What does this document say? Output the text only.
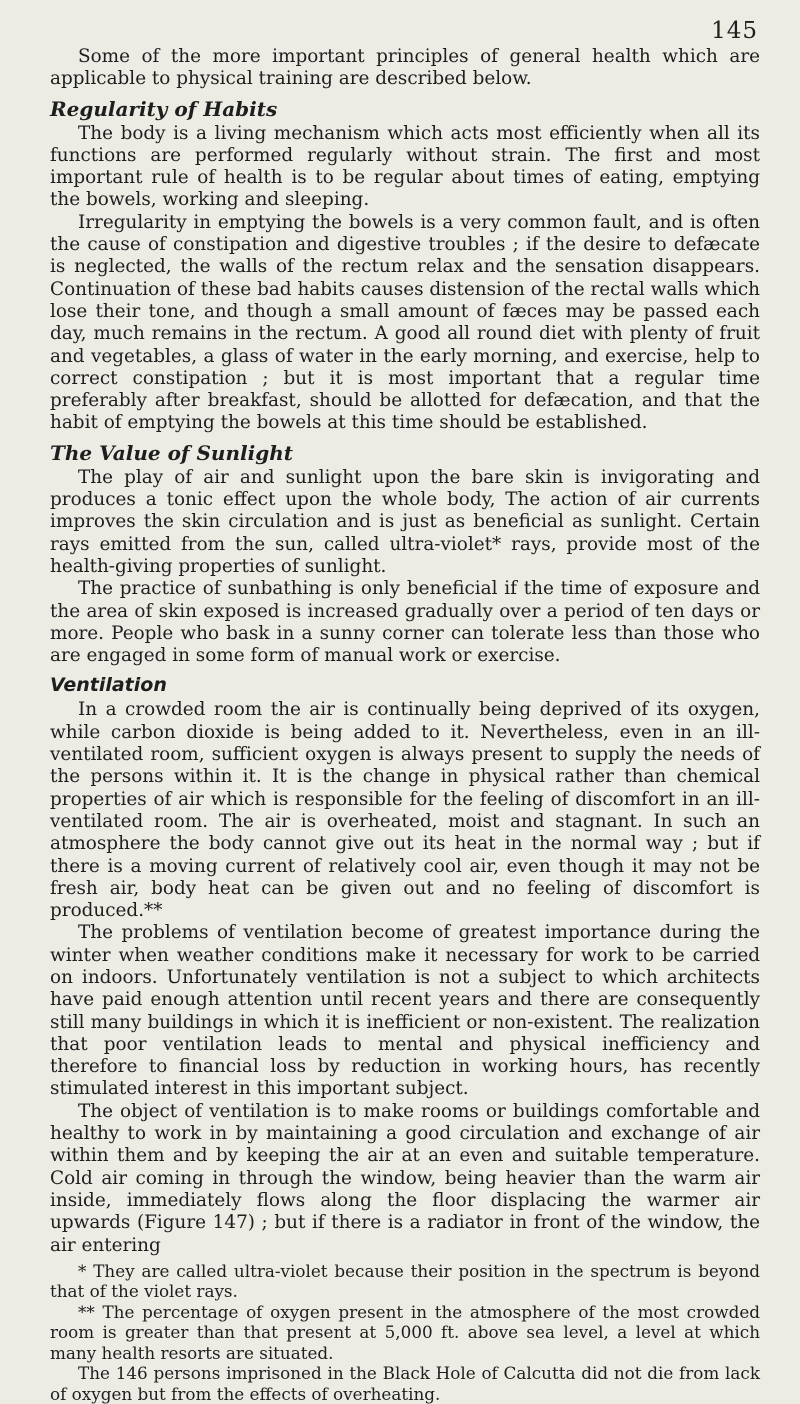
145

Some of the more important principles of general health which are applicable to physical training are described below.

Regularity of Habits

The body is a living mechanism which acts most efficiently when all its functions are performed regularly without strain. The first and most important rule of health is to be regular about times of eating, emptying the bowels, working and sleeping.

Irregularity in emptying the bowels is a very common fault, and is often the cause of constipation and digestive troubles ; if the desire to defæcate is neglected, the walls of the rectum relax and the sensation disappears. Continuation of these bad habits causes distension of the rectal walls which lose their tone, and though a small amount of fæces may be passed each day, much remains in the rectum. A good all round diet with plenty of fruit and vegetables, a glass of water in the early morning, and exercise, help to correct constipation ; but it is most important that a regular time preferably after breakfast, should be allotted for defæcation, and that the habit of emptying the bowels at this time should be established.

The Value of Sunlight

The play of air and sunlight upon the bare skin is invigorating and produces a tonic effect upon the whole body, The action of air currents improves the skin circulation and is just as beneficial as sunlight. Certain rays emitted from the sun, called ultra-violet* rays, provide most of the health-giving properties of sunlight.

The practice of sunbathing is only beneficial if the time of exposure and the area of skin exposed is increased gradually over a period of ten days or more. People who bask in a sunny corner can tolerate less than those who are engaged in some form of manual work or exercise.

Ventilation

In a crowded room the air is continually being deprived of its oxygen, while carbon dioxide is being added to it. Nevertheless, even in an ill-ventilated room, sufficient oxygen is always present to supply the needs of the persons within it. It is the change in physical rather than chemical properties of air which is responsible for the feeling of discomfort in an ill-ventilated room. The air is overheated, moist and stagnant. In such an atmosphere the body cannot give out its heat in the normal way ; but if there is a moving current of relatively cool air, even though it may not be fresh air, body heat can be given out and no feeling of discomfort is produced.**

The problems of ventilation become of greatest importance during the winter when weather conditions make it necessary for work to be carried on indoors. Unfortunately ventilation is not a subject to which architects have paid enough attention until recent years and there are consequently still many buildings in which it is inefficient or non-existent. The realization that poor ventilation leads to mental and physical inefficiency and therefore to financial loss by reduction in working hours, has recently stimulated interest in this important subject.

The object of ventilation is to make rooms or buildings comfortable and healthy to work in by maintaining a good circulation and exchange of air within them and by keeping the air at an even and suitable temperature. Cold air coming in through the window, being heavier than the warm air inside, immediately flows along the floor displacing the warmer air upwards (Figure 147) ; but if there is a radiator in front of the window, the air entering

* They are called ultra-violet because their position in the spectrum is beyond that of the violet rays.

** The percentage of oxygen present in the atmosphere of the most crowded room is greater than that present at 5,000 ft. above sea level, a level at which many health resorts are situated.

The 146 persons imprisoned in the Black Hole of Calcutta did not die from lack of oxygen but from the effects of overheating.
